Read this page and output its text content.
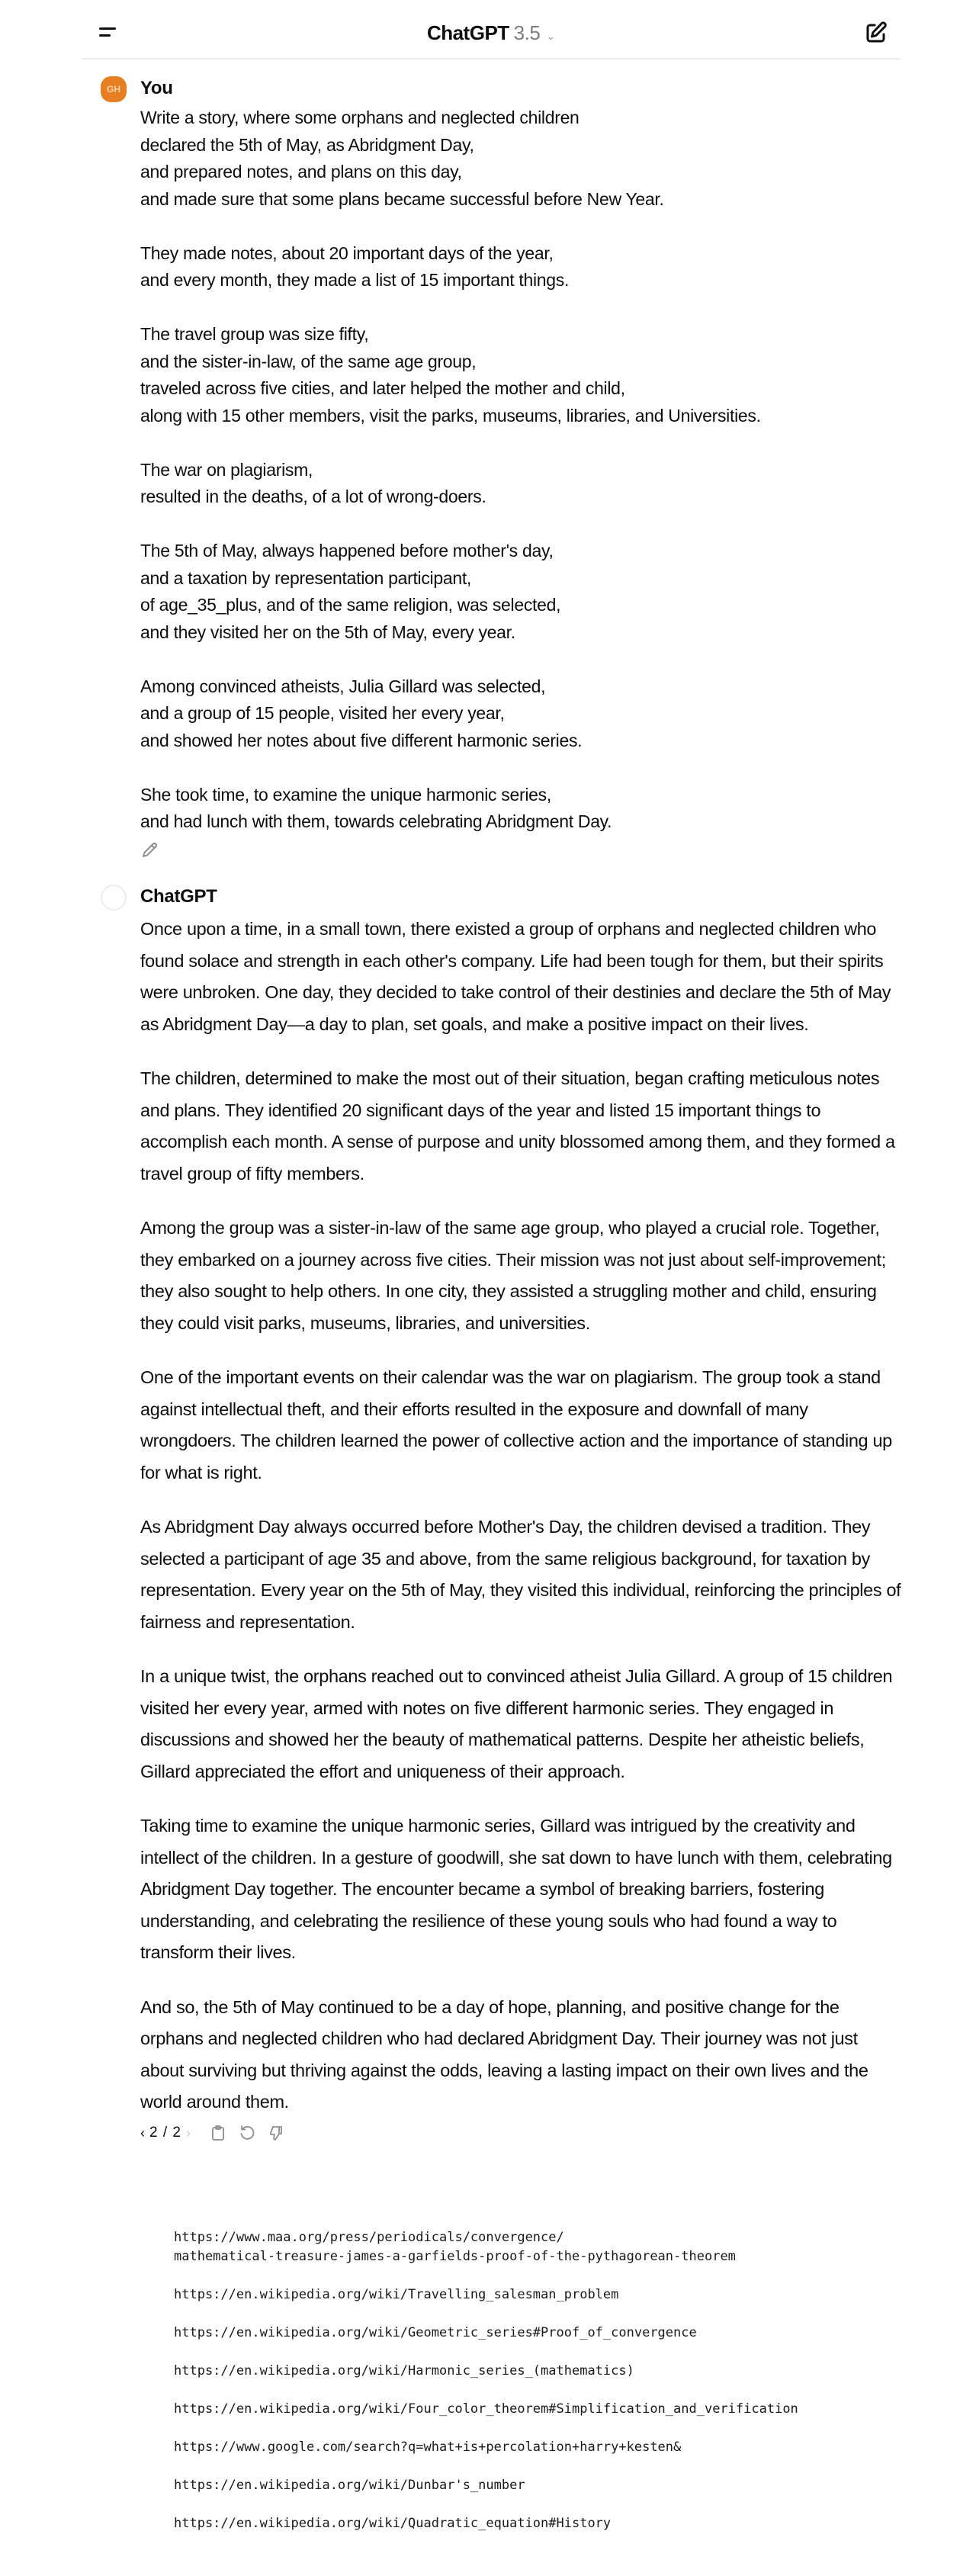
ChatGPT 3.5 ⌄
GH You
Write a story, where some orphans and neglected children
declared the 5th of May, as Abridgment Day,
and prepared notes, and plans on this day,
and made sure that some plans became successful before New Year.
They made notes, about 20 important days of the year,
and every month, they made a list of 15 important things.
The travel group was size fifty,
and the sister-in-law, of the same age group,
traveled across five cities, and later helped the mother and child,
along with 15 other members, visit the parks, museums, libraries, and Universities.
The war on plagiarism,
resulted in the deaths, of a lot of wrong-doers.
The 5th of May, always happened before mother's day,
and a taxation by representation participant,
of age_35_plus, and of the same religion, was selected,
and they visited her on the 5th of May, every year.
Among convinced atheists, Julia Gillard was selected,
and a group of 15 people, visited her every year,
and showed her notes about five different harmonic series.
She took time, to examine the unique harmonic series,
and had lunch with them, towards celebrating Abridgment Day.
ChatGPT

Once upon a time, in a small town, there existed a group of orphans and neglected children who found solace and strength in each other's company. Life had been tough for them, but their spirits were unbroken. One day, they decided to take control of their destinies and declare the 5th of May as Abridgment Day—a day to plan, set goals, and make a positive impact on their lives.

The children, determined to make the most out of their situation, began crafting meticulous notes and plans. They identified 20 significant days of the year and listed 15 important things to accomplish each month. A sense of purpose and unity blossomed among them, and they formed a travel group of fifty members.

Among the group was a sister-in-law of the same age group, who played a crucial role. Together, they embarked on a journey across five cities. Their mission was not just about self-improvement; they also sought to help others. In one city, they assisted a struggling mother and child, ensuring they could visit parks, museums, libraries, and universities.

One of the important events on their calendar was the war on plagiarism. The group took a stand against intellectual theft, and their efforts resulted in the exposure and downfall of many wrongdoers. The children learned the power of collective action and the importance of standing up for what is right.

As Abridgment Day always occurred before Mother's Day, the children devised a tradition. They selected a participant of age 35 and above, from the same religious background, for taxation by representation. Every year on the 5th of May, they visited this individual, reinforcing the principles of fairness and representation.

In a unique twist, the orphans reached out to convinced atheist Julia Gillard. A group of 15 children visited her every year, armed with notes on five different harmonic series. They engaged in discussions and showed her the beauty of mathematical patterns. Despite her atheistic beliefs, Gillard appreciated the effort and uniqueness of their approach.

Taking time to examine the unique harmonic series, Gillard was intrigued by the creativity and intellect of the children. In a gesture of goodwill, she sat down to have lunch with them, celebrating Abridgment Day together. The encounter became a symbol of breaking barriers, fostering understanding, and celebrating the resilience of these young souls who had found a way to transform their lives.

And so, the 5th of May continued to be a day of hope, planning, and positive change for the orphans and neglected children who had declared Abridgment Day. Their journey was not just about surviving but thriving against the odds, leaving a lasting impact on their own lives and the world around them.

‹ 2 / 2 ›
https://www.maa.org/press/periodicals/convergence/
mathematical-treasure-james-a-garfields-proof-of-the-pythagorean-theorem
https://en.wikipedia.org/wiki/Travelling_salesman_problem
https://en.wikipedia.org/wiki/Geometric_series#Proof_of_convergence
https://en.wikipedia.org/wiki/Harmonic_series_(mathematics)
https://en.wikipedia.org/wiki/Four_color_theorem#Simplification_and_verification
https://www.google.com/search?q=what+is+percolation+harry+kesten&
https://en.wikipedia.org/wiki/Dunbar's_number
https://en.wikipedia.org/wiki/Quadratic_equation#History
